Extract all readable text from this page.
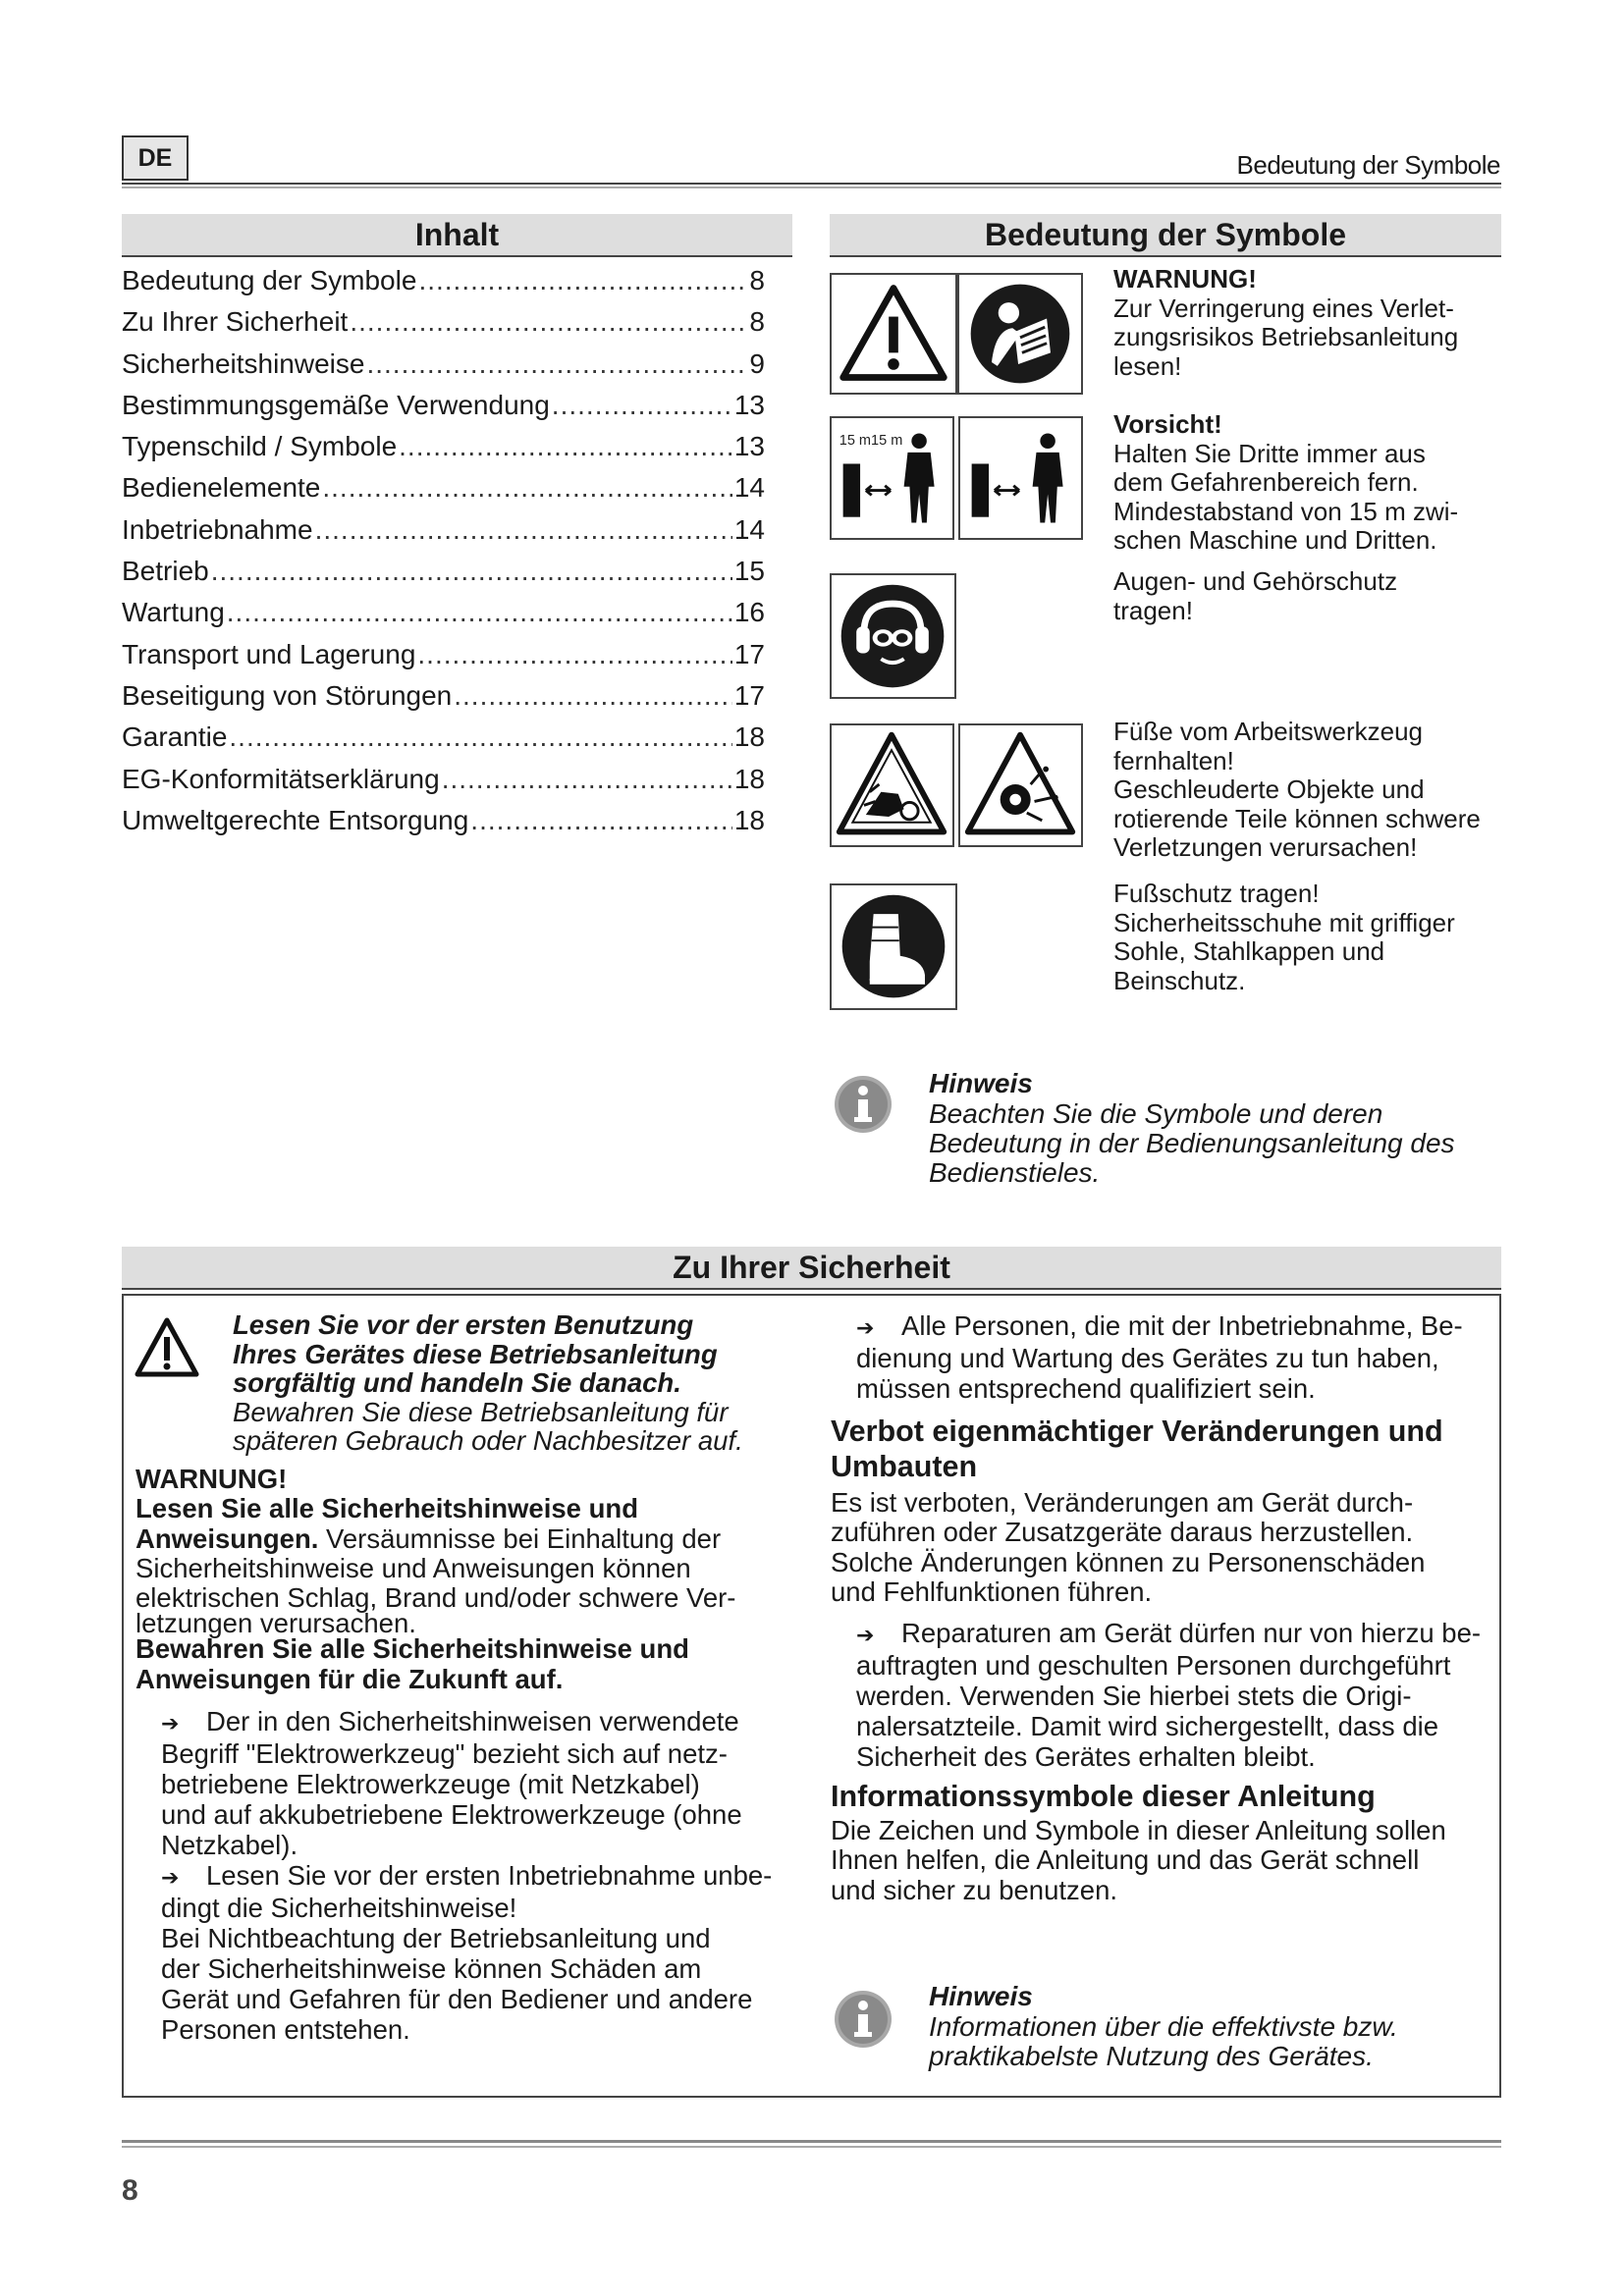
DE	Bedeutung der Symbole
Inhalt
Bedeutung der Symbole .....	8
Zu Ihrer Sicherheit .....	8
Sicherheitshinweise .....	9
Bestimmungsgemäße Verwendung .....	13
Typenschild / Symbole .....	13
Bedienelemente .....	14
Inbetriebnahme .....	14
Betrieb .....	15
Wartung .....	16
Transport und Lagerung .....	17
Beseitigung von Störungen .....	17
Garantie .....	18
EG-Konformitätserklärung .....	18
Umweltgerechte Entsorgung .....	18
Bedeutung der Symbole
WARNUNG!
Zur Verringerung eines Verlet-
zungsrisikos Betriebsanleitung
lesen!
15 m15 m
Vorsicht!
Halten Sie Dritte immer aus
dem Gefahrenbereich fern.
Mindestabstand von 15 m zwi-
schen Maschine und Dritten.
Augen- und Gehörschutz
tragen!
Füße vom Arbeitswerkzeug
fernhalten!
Geschleuderte Objekte und
rotierende Teile können schwere
Verletzungen verursachen!
Fußschutz tragen!
Sicherheitsschuhe mit griffiger
Sohle, Stahlkappen und
Beinschutz.
Hinweis
Beachten Sie die Symbole und deren
Bedeutung in der Bedienungsanleitung des
Bedienstieles.
Zu Ihrer Sicherheit
Lesen Sie vor der ersten Benutzung
Ihres Gerätes diese Betriebsanleitung
sorgfältig und handeln Sie danach.
Bewahren Sie diese Betriebsanleitung für
späteren Gebrauch oder Nachbesitzer auf.
WARNUNG!
Lesen Sie alle Sicherheitshinweise und
Anweisungen. Versäumnisse bei Einhaltung der
Sicherheitshinweise und Anweisungen können
elektrischen Schlag, Brand und/oder schwere Ver-
letzungen verursachen.
Bewahren Sie alle Sicherheitshinweise und
Anweisungen für die Zukunft auf.
➔ Der in den Sicherheitshinweisen verwendete
Begriff "Elektrowerkzeug" bezieht sich auf netz-
betriebene Elektrowerkzeuge (mit Netzkabel)
und auf akkubetriebene Elektrowerkzeuge (ohne
Netzkabel).
➔ Lesen Sie vor der ersten Inbetriebnahme unbe-
dingt die Sicherheitshinweise!
Bei Nichtbeachtung der Betriebsanleitung und
der Sicherheitshinweise können Schäden am
Gerät und Gefahren für den Bediener und andere
Personen entstehen.
➔ Alle Personen, die mit der Inbetriebnahme, Be-
dienung und Wartung des Gerätes zu tun haben,
müssen entsprechend qualifiziert sein.
Verbot eigenmächtiger Veränderungen und
Umbauten
Es ist verboten, Veränderungen am Gerät durch-
zuführen oder Zusatzgeräte daraus herzustellen.
Solche Änderungen können zu Personenschäden
und Fehlfunktionen führen.
➔ Reparaturen am Gerät dürfen nur von hierzu be-
auftragten und geschulten Personen durchgeführt
werden. Verwenden Sie hierbei stets die Origi-
nalersatzteile. Damit wird sichergestellt, dass die
Sicherheit des Gerätes erhalten bleibt.
Informationssymbole dieser Anleitung
Die Zeichen und Symbole in dieser Anleitung sollen
Ihnen helfen, die Anleitung und das Gerät schnell
und sicher zu benutzen.
Hinweis
Informationen über die effektivste bzw.
praktikabelste Nutzung des Gerätes.
8
